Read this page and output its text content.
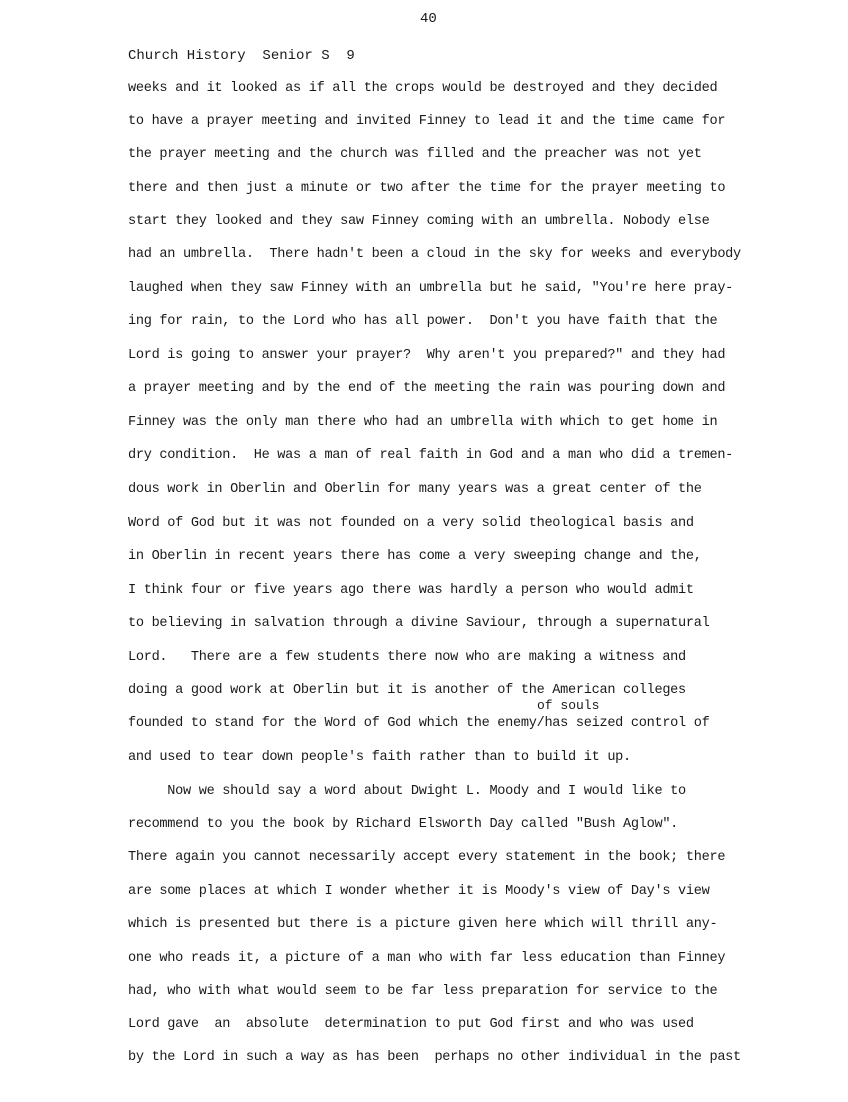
40
Church History  Senior S  9
weeks and it looked as if all the crops would be destroyed and they decided
to have a prayer meeting and invited Finney to lead it and the time came for
the prayer meeting and the church was filled and the preacher was not yet
there and then just a minute or two after the time for the prayer meeting to
start they looked and they saw Finney coming with an umbrella. Nobody else
had an umbrella.  There hadn't been a cloud in the sky for weeks and everybody
laughed when they saw Finney with an umbrella but he said, "You're here pray-
ing for rain, to the Lord who has all power.  Don't you have faith that the
Lord is going to answer your prayer?  Why aren't you prepared?" and they had
a prayer meeting and by the end of the meeting the rain was pouring down and
Finney was the only man there who had an umbrella with which to get home in
dry condition.  He was a man of real faith in God and a man who did a tremen-
dous work in Oberlin and Oberlin for many years was a great center of the
Word of God but it was not founded on a very solid theological basis and
in Oberlin in recent years there has come a very sweeping change and the,
I think four or five years ago there was hardly a person who would admit
to believing in salvation through a divine Saviour, through a supernatural
Lord.   There are a few students there now who are making a witness and
doing a good work at Oberlin but it is another of the American colleges
of souls
founded to stand for the Word of God which the enemy/has seized control of
and used to tear down people's faith rather than to build it up.
Now we should say a word about Dwight L. Moody and I would like to
recommend to you the book by Richard Elsworth Day called "Bush Aglow".
There again you cannot necessarily accept every statement in the book; there
are some places at which I wonder whether it is Moody's view of Day's view
which is presented but there is a picture given here which will thrill any-
one who reads it, a picture of a man who with far less education than Finney
had, who with what would seem to be far less preparation for service to the
Lord gave  an  absolute  determination to put God first and who was used
by the Lord in such a way as has been  perhaps no other individual in the past
